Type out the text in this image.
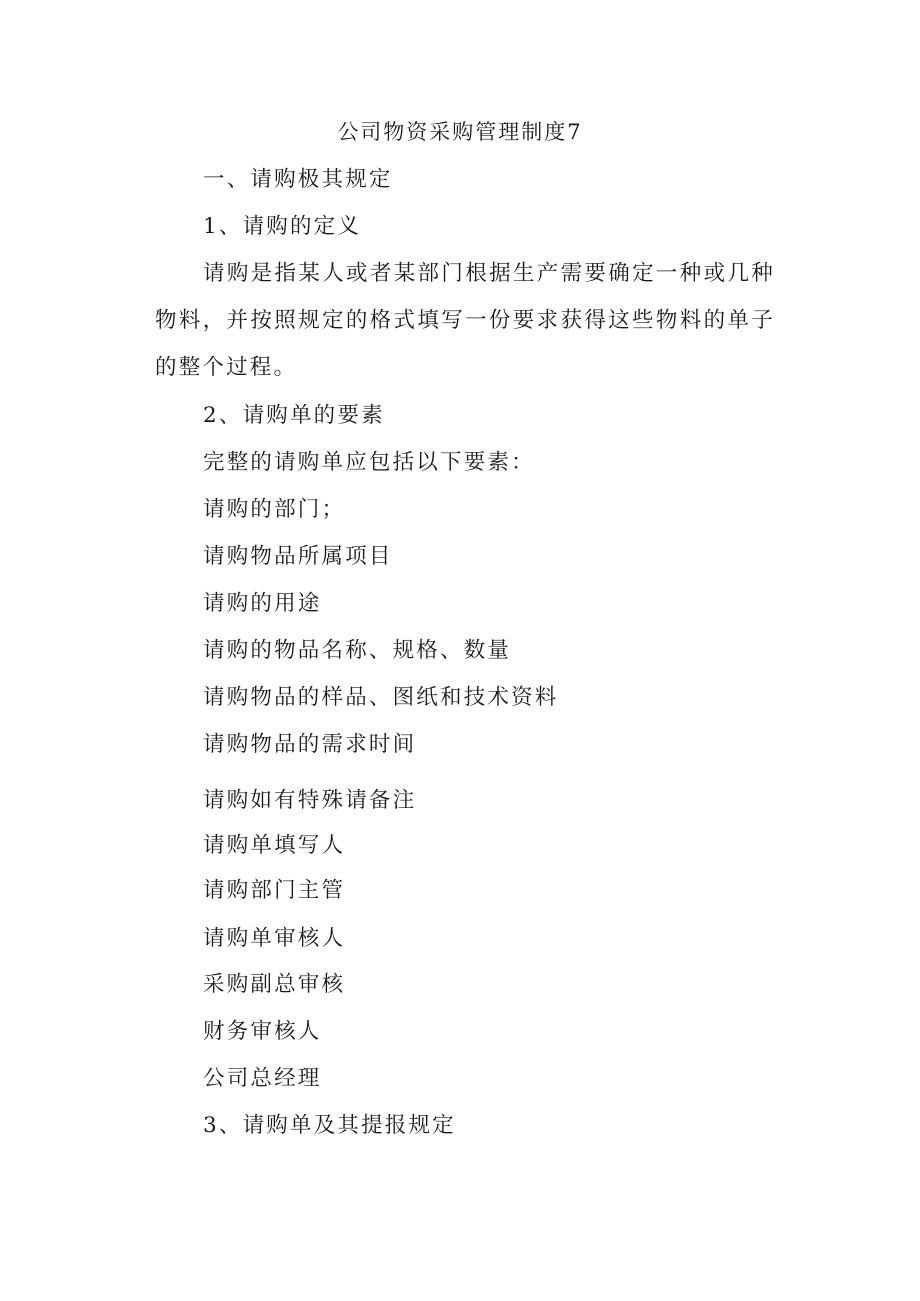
公司物资采购管理制度7
一、请购极其规定
1、请购的定义
请购是指某人或者某部门根据生产需要确定一种或几种物料，并按照规定的格式填写一份要求获得这些物料的单子的整个过程。
2、请购单的要素
完整的请购单应包括以下要素：
请购的部门；
请购物品所属项目
请购的用途
请购的物品名称、规格、数量
请购物品的样品、图纸和技术资料
请购物品的需求时间
请购如有特殊请备注
请购单填写人
请购部门主管
请购单审核人
采购副总审核
财务审核人
公司总经理
3、请购单及其提报规定
